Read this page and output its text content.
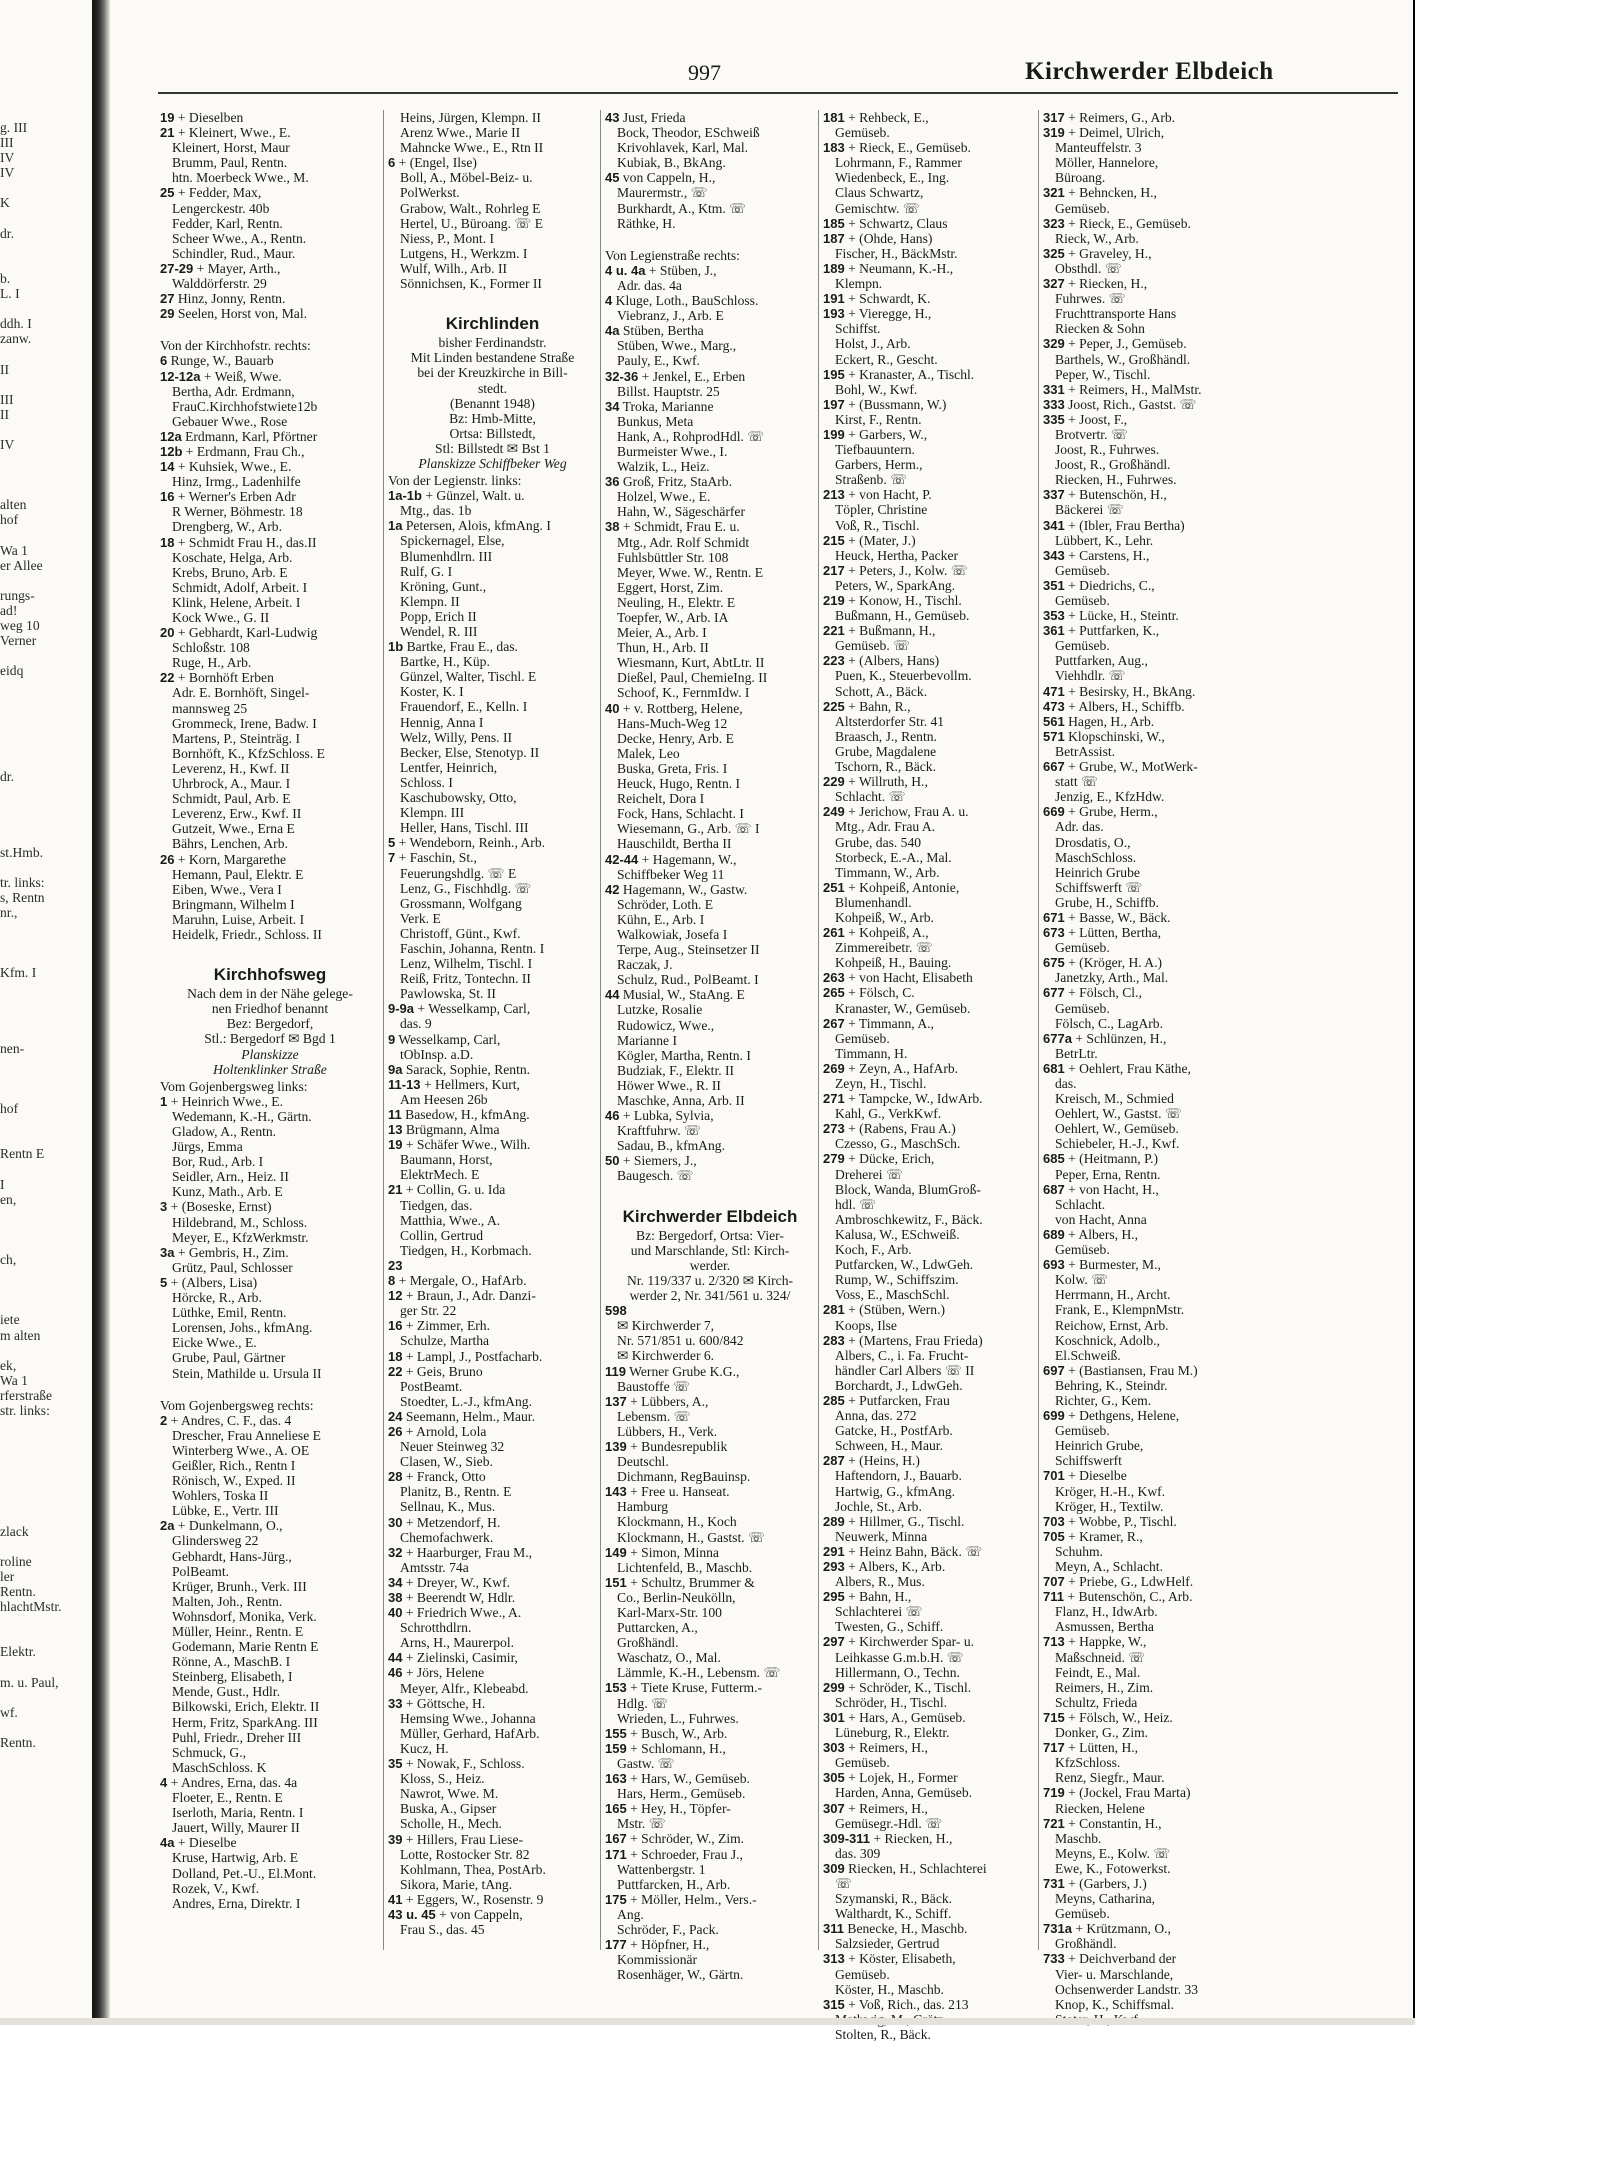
g. III
III
IV
IV
K
dr.
b.
L. I
ddh. I
zanw.
II
III
II
IV
alten
hof
Wa 1
er Allee
rungs-
ad!
weg 10
Verner
eidq
dr.
st.Hmb.
tr. links:
s, Rentn
nr.,
Kfm. I
nen-
hof
Rentn E
I
en,
ch,
iete
m alten
ek,
Wa 1
rferstraße
str. links:
zlack
roline
ler
Rentn.
hlachtMstr.
Elektr.
m. u. Paul,
wf.
Rentn.
997	Kirchwerder Elbdeich
19 + Dieselben
21 + Kleinert, Wwe., E.
Kleinert, Horst, Maur
Brumm, Paul, Rentn.
htn. Moerbeck Wwe., M.
25 + Fedder, Max,
Lengerckestr. 40b
Fedder, Karl, Rentn.
Scheer Wwe., A., Rentn.
Schindler, Rud., Maur.
27-29 + Mayer, Arth.,
Walddörferstr. 29
27 Hinz, Jonny, Rentn.
29 Seelen, Horst von, Mal.
Von der Kirchhofstr. rechts:
6 Runge, W., Bauarb
12-12a + Weiß, Wwe.
Bertha, Adr. Erdmann,
FrauC.Kirchhofstwiete12b
Gebauer Wwe., Rose
12a Erdmann, Karl, Pförtner
12b + Erdmann, Frau Ch.,
14 + Kuhsiek, Wwe., E.
Hinz, Irmg., Ladenhilfe
16 + Werner's Erben Adr
R Werner, Böhmestr. 18
Drengberg, W., Arb.
18 + Schmidt Frau H., das.II
Koschate, Helga, Arb.
Krebs, Bruno, Arb. E
Schmidt, Adolf, Arbeit. I
Klink, Helene, Arbeit. I
Kock Wwe., G. II
20 + Gebhardt, Karl-Ludwig
Schloßstr. 108
Ruge, H., Arb.
22 + Bornhöft Erben
Adr. E. Bornhöft, Singel-
mannsweg 25
Grommeck, Irene, Badw. I
Martens, P., Steinträg. I
Bornhöft, K., KfzSchloss. E
Leverenz, H., Kwf. II
Uhrbrock, A., Maur. I
Schmidt, Paul, Arb. E
Leverenz, Erw., Kwf. II
Gutzeit, Wwe., Erna E
Bährs, Lenchen, Arb.
26 + Korn, Margarethe
Hemann, Paul, Elektr. E
Eiben, Wwe., Vera I
Bringmann, Wilhelm I
Maruhn, Luise, Arbeit. I
Heidelk, Friedr., Schloss. II
Kirchhofsweg
Nach dem in der Nähe gelege-
nen Friedhof benannt
Bez: Bergedorf,
Stl.: Bergedorf ✉ Bgd 1
Planskizze
Holtenklinker Straße
Vom Gojenbergsweg links:
1 + Heinrich Wwe., E.
Wedemann, K.-H., Gärtn.
Gladow, A., Rentn.
Jürgs, Emma
Bor, Rud., Arb. I
Seidler, Arn., Heiz. II
Kunz, Math., Arb. E
3 + (Boseske, Ernst)
Hildebrand, M., Schloss.
Meyer, E., KfzWerkmstr.
3a + Gembris, H., Zim.
Grütz, Paul, Schlosser
5 + (Albers, Lisa)
Hörcke, R., Arb.
Lüthke, Emil, Rentn.
Lorensen, Johs., kfmAng.
Eicke Wwe., E.
Grube, Paul, Gärtner
Stein, Mathilde u. Ursula II
Vom Gojenbergsweg rechts:
2 + Andres, C. F., das. 4
Drescher, Frau Anneliese E
Winterberg Wwe., A. OE
Geißler, Rich., Rentn I
Rönisch, W., Exped. II
Wohlers, Toska II
Lübke, E., Vertr. III
2a + Dunkelmann, O.,
Glindersweg 22
Gebhardt, Hans-Jürg.,
PolBeamt.
Krüger, Brunh., Verk. III
Malten, Joh., Rentn.
Wohnsdorf, Monika, Verk.
Müller, Heinr., Rentn. E
Godemann, Marie Rentn E
Rönne, A., MaschB. I
Steinberg, Elisabeth, I
Mende, Gust., Hdlr.
Bilkowski, Erich, Elektr. II
Herm, Fritz, SparkAng. III
Puhl, Friedr., Dreher III
Schmuck, G.,
MaschSchloss. K
4 + Andres, Erna, das. 4a
Floeter, E., Rentn. E
Iserloth, Maria, Rentn. I
Jauert, Willy, Maurer II
4a + Dieselbe
Kruse, Hartwig, Arb. E
Dolland, Pet.-U., El.Mont.
Rozek, V., Kwf.
Andres, Erna, Direktr. I
Heins, Jürgen, Klempn. II
Arenz Wwe., Marie II
Mahncke Wwe., E., Rtn II
6 + (Engel, Ilse)
Boll, A., Möbel-Beiz- u.
PolWerkst.
Grabow, Walt., Rohrleg E
Hertel, U., Büroang. ☏ E
Niess, P., Mont. I
Lutgens, H., Werkzm. I
Wulf, Wilh., Arb. II
Sönnichsen, K., Former II
Kirchlinden
bisher Ferdinandstr.
Mit Linden bestandene Straße
bei der Kreuzkirche in Bill-
stedt.
(Benannt 1948)
Bz: Hmb-Mitte,
Ortsa: Billstedt,
Stl: Billstedt ✉ Bst 1
Planskizze Schiffbeker Weg
Von der Legienstr. links:
1a-1b + Günzel, Walt. u.
Mtg., das. 1b
1a Petersen, Alois, kfmAng. I
Spickernagel, Else,
Blumenhdlrn. III
Rulf, G. I
Kröning, Gunt.,
Klempn. II
Popp, Erich II
Wendel, R. III
1b Bartke, Frau E., das.
Bartke, H., Küp.
Günzel, Walter, Tischl. E
Koster, K. I
Frauendorf, E., Kelln. I
Hennig, Anna I
Welz, Willy, Pens. II
Becker, Else, Stenotyp. II
Lentfer, Heinrich,
Schloss. I
Kaschubowsky, Otto,
Klempn. III
Heller, Hans, Tischl. III
5 + Wendeborn, Reinh., Arb.
7 + Faschin, St.,
Feuerungshdlg. ☏ E
Lenz, G., Fischhdlg. ☏
Grossmann, Wolfgang
Verk. E
Christoff, Günt., Kwf.
Faschin, Johanna, Rentn. I
Lenz, Wilhelm, Tischl. I
Reiß, Fritz, Tontechn. II
Pawlowska, St. II
9-9a + Wesselkamp, Carl,
das. 9
9 Wesselkamp, Carl,
tObInsp. a.D.
9a Sarack, Sophie, Rentn.
11-13 + Hellmers, Kurt,
Am Heesen 26b
11 Basedow, H., kfmAng.
13 Brügmann, Alma
19 + Schäfer Wwe., Wilh.
Baumann, Horst,
ElektrMech. E
21 + Collin, G. u. Ida
Tiedgen, das.
Matthia, Wwe., A.
Collin, Gertrud
Tiedgen, H., Korbmach.
23
8 + Mergale, O., HafArb.
12 + Braun, J., Adr. Danzi-
ger Str. 22
16 + Zimmer, Erh.
Schulze, Martha
18 + Lampl, J., Postfacharb.
22 + Geis, Bruno
PostBeamt.
Stoedter, L.-J., kfmAng.
24 Seemann, Helm., Maur.
26 + Arnold, Lola
Neuer Steinweg 32
Clasen, W., Sieb.
28 + Franck, Otto
Planitz, B., Rentn. E
Sellnau, K., Mus.
30 + Metzendorf, H.
Chemofachwerk.
32 + Haarburger, Frau M.,
Amtsstr. 74a
34 + Dreyer, W., Kwf.
38 + Beerendt W, Hdlr.
40 + Friedrich Wwe., A.
Schrotthdlrn.
Arns, H., Maurerpol.
44 + Zielinski, Casimir,
46 + Jörs, Helene
Meyer, Alfr., Klebeabd.
33 + Göttsche, H.
Hemsing Wwe., Johanna
Müller, Gerhard, HafArb.
Kucz, H.
35 + Nowak, F., Schloss.
Kloss, S., Heiz.
Nawrot, Wwe. M.
Buska, A., Gipser
Scholle, H., Mech.
39 + Hillers, Frau Liese-
Lotte, Rostocker Str. 82
Kohlmann, Thea, PostArb.
Sikora, Marie, tAng.
41 + Eggers, W., Rosenstr. 9
43 u. 45 + von Cappeln,
Frau S., das. 45
43 Just, Frieda
Bock, Theodor, ESchweiß
Krivohlavek, Karl, Mal.
Kubiak, B., BkAng.
45 von Cappeln, H.,
Maurermstr., ☏
Burkhardt, A., Ktm. ☏
Räthke, H.
Von Legienstraße rechts:
4 u. 4a + Stüben, J.,
Adr. das. 4a
4 Kluge, Loth., BauSchloss.
Viebranz, J., Arb. E
4a Stüben, Bertha
Stüben, Wwe., Marg.,
Pauly, E., Kwf.
32-36 + Jenkel, E., Erben
Billst. Hauptstr. 25
34 Troka, Marianne
Bunkus, Meta
Hank, A., RohprodHdl. ☏
Burmeister Wwe., I.
Walzik, L., Heiz.
36 Groß, Fritz, StaArb.
Holzel, Wwe., E.
Hahn, W., Sägeschärfer
38 + Schmidt, Frau E. u.
Mtg., Adr. Rolf Schmidt
Fuhlsbüttler Str. 108
Meyer, Wwe. W., Rentn. E
Eggert, Horst, Zim.
Neuling, H., Elektr. E
Toepfer, W., Arb. IA
Meier, A., Arb. I
Thun, H., Arb. II
Wiesmann, Kurt, AbtLtr. II
Dießel, Paul, ChemieIng. II
Schoof, K., FernmIdw. I
40 + v. Rottberg, Helene,
Hans-Much-Weg 12
Decke, Henry, Arb. E
Malek, Leo
Buska, Greta, Fris. I
Heuck, Hugo, Rentn. I
Reichelt, Dora I
Fock, Hans, Schlacht. I
Wiesemann, G., Arb. ☏ I
Hauschildt, Bertha II
42-44 + Hagemann, W.,
Schiffbeker Weg 11
42 Hagemann, W., Gastw.
Schröder, Loth. E
Kühn, E., Arb. I
Walkowiak, Josefa I
Terpe, Aug., Steinsetzer II
Raczak, J.
Schulz, Rud., PolBeamt. I
44 Musial, W., StaAng. E
Lutzke, Rosalie
Rudowicz, Wwe.,
Marianne I
Kögler, Martha, Rentn. I
Budziak, F., Elektr. II
Höwer Wwe., R. II
Maschke, Anna, Arb. II
46 + Lubka, Sylvia,
Kraftfuhrw. ☏
Sadau, B., kfmAng.
50 + Siemers, J.,
Baugesch. ☏
Kirchwerder Elbdeich
Bz: Bergedorf, Ortsa: Vier-
und Marschlande, Stl: Kirch-
werder.
Nr. 119/337 u. 2/320 ✉ Kirch-
werder 2, Nr. 341/561 u. 324/
598
✉ Kirchwerder 7,
Nr. 571/851 u. 600/842
✉ Kirchwerder 6.
119 Werner Grube K.G.,
Baustoffe ☏
137 + Lübbers, A.,
Lebensm. ☏
Lübbers, H., Verk.
139 + Bundesrepublik
Deutschl.
Dichmann, RegBauinsp.
143 + Free u. Hanseat.
Hamburg
Klockmann, H., Koch
Klockmann, H., Gastst. ☏
149 + Simon, Minna
Lichtenfeld, B., Maschb.
151 + Schultz, Brummer &
Co., Berlin-Neukölln,
Karl-Marx-Str. 100
Puttarcken, A.,
Großhändl.
Waschatz, O., Mal.
Lämmle, K.-H., Lebensm. ☏
153 + Tiete Kruse, Futterm.-
Hdlg. ☏
Wrieden, L., Fuhrwes.
155 + Busch, W., Arb.
159 + Schlomann, H.,
Gastw. ☏
163 + Hars, W., Gemüseb.
Hars, Herm., Gemüseb.
165 + Hey, H., Töpfer-
Mstr. ☏
167 + Schröder, W., Zim.
171 + Schroeder, Frau J.,
Wattenbergstr. 1
Puttfarcken, H., Arb.
175 + Möller, Helm., Vers.-
Ang.
Schröder, F., Pack.
177 + Höpfner, H.,
Kommissionär
Rosenhäger, W., Gärtn.
181 + Rehbeck, E.,
Gemüseb.
183 + Rieck, E., Gemüseb.
Lohrmann, F., Rammer
Wiedenbeck, E., Ing.
Claus Schwartz,
Gemischtw. ☏
185 + Schwartz, Claus
187 + (Ohde, Hans)
Fischer, H., BäckMstr.
189 + Neumann, K.-H.,
Klempn.
191 + Schwardt, K.
193 + Vieregge, H.,
Schiffst.
Holst, J., Arb.
Eckert, R., Gescht.
195 + Kranaster, A., Tischl.
Bohl, W., Kwf.
197 + (Bussmann, W.)
Kirst, F., Rentn.
199 + Garbers, W.,
Tiefbauuntern.
Garbers, Herm.,
Straßenb. ☏
213 + von Hacht, P.
Töpler, Christine
Voß, R., Tischl.
215 + (Mater, J.)
Heuck, Hertha, Packer
217 + Peters, J., Kolw. ☏
Peters, W., SparkAng.
219 + Konow, H., Tischl.
Bußmann, H., Gemüseb.
221 + Bußmann, H.,
Gemüseb. ☏
223 + (Albers, Hans)
Puen, K., Steuerbevollm.
Schott, A., Bäck.
225 + Bahn, R.,
Altsterdorfer Str. 41
Braasch, J., Rentn.
Grube, Magdalene
Tschorn, R., Bäck.
229 + Willruth, H.,
Schlacht. ☏
249 + Jerichow, Frau A. u.
Mtg., Adr. Frau A.
Grube, das. 540
Storbeck, E.-A., Mal.
Timmann, W., Arb.
251 + Kohpeiß, Antonie,
Blumenhandl.
Kohpeiß, W., Arb.
261 + Kohpeiß, A.,
Zimmereibetr. ☏
Kohpeiß, H., Bauing.
263 + von Hacht, Elisabeth
265 + Fölsch, C.
Kranaster, W., Gemüseb.
267 + Timmann, A.,
Gemüseb.
Timmann, H.
269 + Zeyn, A., HafArb.
Zeyn, H., Tischl.
271 + Tampcke, W., IdwArb.
Kahl, G., VerkKwf.
273 + (Rabens, Frau A.)
Czesso, G., MaschSch.
279 + Dücke, Erich,
Dreherei ☏
Block, Wanda, BlumGroß-
hdl. ☏
Ambroschkewitz, F., Bäck.
Kalusa, W., ESchweiß.
Koch, F., Arb.
Putfarcken, W., LdwGeh.
Rump, W., Schiffszim.
Voss, E., MaschSchl.
281 + (Stüben, Wern.)
Koops, Ilse
283 + (Martens, Frau Frieda)
Albers, C., i. Fa. Frucht-
händler Carl Albers ☏ II
Borchardt, J., LdwGeh.
285 + Putfarcken, Frau
Anna, das. 272
Gatcke, H., PostfArb.
Schween, H., Maur.
287 + (Heins, H.)
Haftendorn, J., Bauarb.
Hartwig, G., kfmAng.
Jochle, St., Arb.
289 + Hillmer, G., Tischl.
Neuwerk, Minna
291 + Heinz Bahn, Bäck. ☏
293 + Albers, K., Arb.
Albers, R., Mus.
295 + Bahn, H.,
Schlachterei ☏
Twesten, G., Schiff.
297 + Kirchwerder Spar- u.
Leihkasse G.m.b.H. ☏
Hillermann, O., Techn.
299 + Schröder, K., Tischl.
Schröder, H., Tischl.
301 + Hars, A., Gemüseb.
Lüneburg, R., Elektr.
303 + Reimers, H.,
Gemüseb.
305 + Lojek, H., Former
Harden, Anna, Gemüseb.
307 + Reimers, H.,
Gemüsegr.-Hdl. ☏
309-311 + Riecken, H.,
das. 309
309 Riecken, H., Schlachterei
☏
Szymanski, R., Bäck.
Walthardt, K., Schiff.
311 Benecke, H., Maschb.
Salzsieder, Gertrud
313 + Köster, Elisabeth,
Gemüseb.
Köster, H., Maschb.
315 + Voß, Rich., das. 213
Stolten, R., Bäck.
317 + Reimers, G., Arb.
319 + Deimel, Ulrich,
Manteuffelstr. 3
Möller, Hannelore,
Büroang.
321 + Behncken, H.,
Gemüseb.
323 + Rieck, E., Gemüseb.
Rieck, W., Arb.
325 + Graveley, H.,
Obsthdl. ☏
327 + Riecken, H.,
Fuhrwes. ☏
Fruchttransporte Hans
Riecken & Sohn
329 + Peper, J., Gemüseb.
Barthels, W., Großhändl.
Peper, W., Tischl.
331 + Reimers, H., MalMstr.
333 Joost, Rich., Gastst. ☏
335 + Joost, F.,
Brotvertr. ☏
Joost, R., Fuhrwes.
Joost, R., Großhändl.
Riecken, H., Fuhrwes.
337 + Butenschön, H.,
Bäckerei ☏
341 + (Ibler, Frau Bertha)
Lübbert, K., Lehr.
343 + Carstens, H.,
Gemüseb.
351 + Diedrichs, C.,
Gemüseb.
353 + Lücke, H., Steintr.
361 + Puttfarken, K.,
Gemüseb.
Puttfarken, Aug.,
Viehhdlr. ☏
471 + Besirsky, H., BkAng.
473 + Albers, H., Schiffb.
561 Hagen, H., Arb.
571 Klopschinski, W.,
BetrAssist.
667 + Grube, W., MotWerk-
statt ☏
Jenzig, E., KfzHdw.
669 + Grube, Herm.,
Adr. das.
Drosdatis, O.,
MaschSchloss.
Heinrich Grube
Schiffswerft ☏
Grube, H., Schiffb.
671 + Basse, W., Bäck.
673 + Lütten, Bertha,
Gemüseb.
675 + (Kröger, H. A.)
Janetzky, Arth., Mal.
677 + Fölsch, Cl.,
Gemüseb.
Fölsch, C., LagArb.
677a + Schlünzen, H.,
BetrLtr.
681 + Oehlert, Frau Käthe,
das.
Kreisch, M., Schmied
Oehlert, W., Gastst. ☏
Oehlert, W., Gemüseb.
Schiebeler, H.-J., Kwf.
685 + (Heitmann, P.)
Peper, Erna, Rentn.
687 + von Hacht, H.,
Schlacht.
von Hacht, Anna
689 + Albers, H.,
Gemüseb.
693 + Burmester, M.,
Kolw. ☏
Herrmann, H., Archt.
Frank, E., KlempnMstr.
Reichow, Ernst, Arb.
Koschnick, Adolb.,
El.Schweiß.
697 + (Bastiansen, Frau M.)
Behring, K., Steindr.
Richter, G., Kem.
699 + Dethgens, Helene,
Gemüseb.
Heinrich Grube,
Schiffswerft
701 + Dieselbe
Kröger, H.-H., Kwf.
Kröger, H., Textilw.
703 + Wobbe, P., Tischl.
705 + Kramer, R.,
Schuhm.
Meyn, A., Schlacht.
707 + Priebe, G., LdwHelf.
711 + Butenschön, C., Arb.
Flanz, H., IdwArb.
Asmussen, Bertha
713 + Happke, W.,
Maßschneid. ☏
Feindt, E., Mal.
Reimers, H., Zim.
Schultz, Frieda
715 + Fölsch, W., Heiz.
Donker, G., Zim.
717 + Lütten, H.,
KfzSchloss.
Renz, Siegfr., Maur.
719 + (Jockel, Frau Marta)
Riecken, Helene
721 + Constantin, H.,
Maschb.
Meyns, E., Kolw. ☏
Ewe, K., Fotowerkst.
731 + (Garbers, J.)
Meyns, Catharina,
Gemüseb.
731a + Krützmann, O.,
Großhändl.
733 + Deichverband der
Vier- u. Marschlande,
Ochsenwerder Landstr. 33
Knop, K., Schiffsmal.
